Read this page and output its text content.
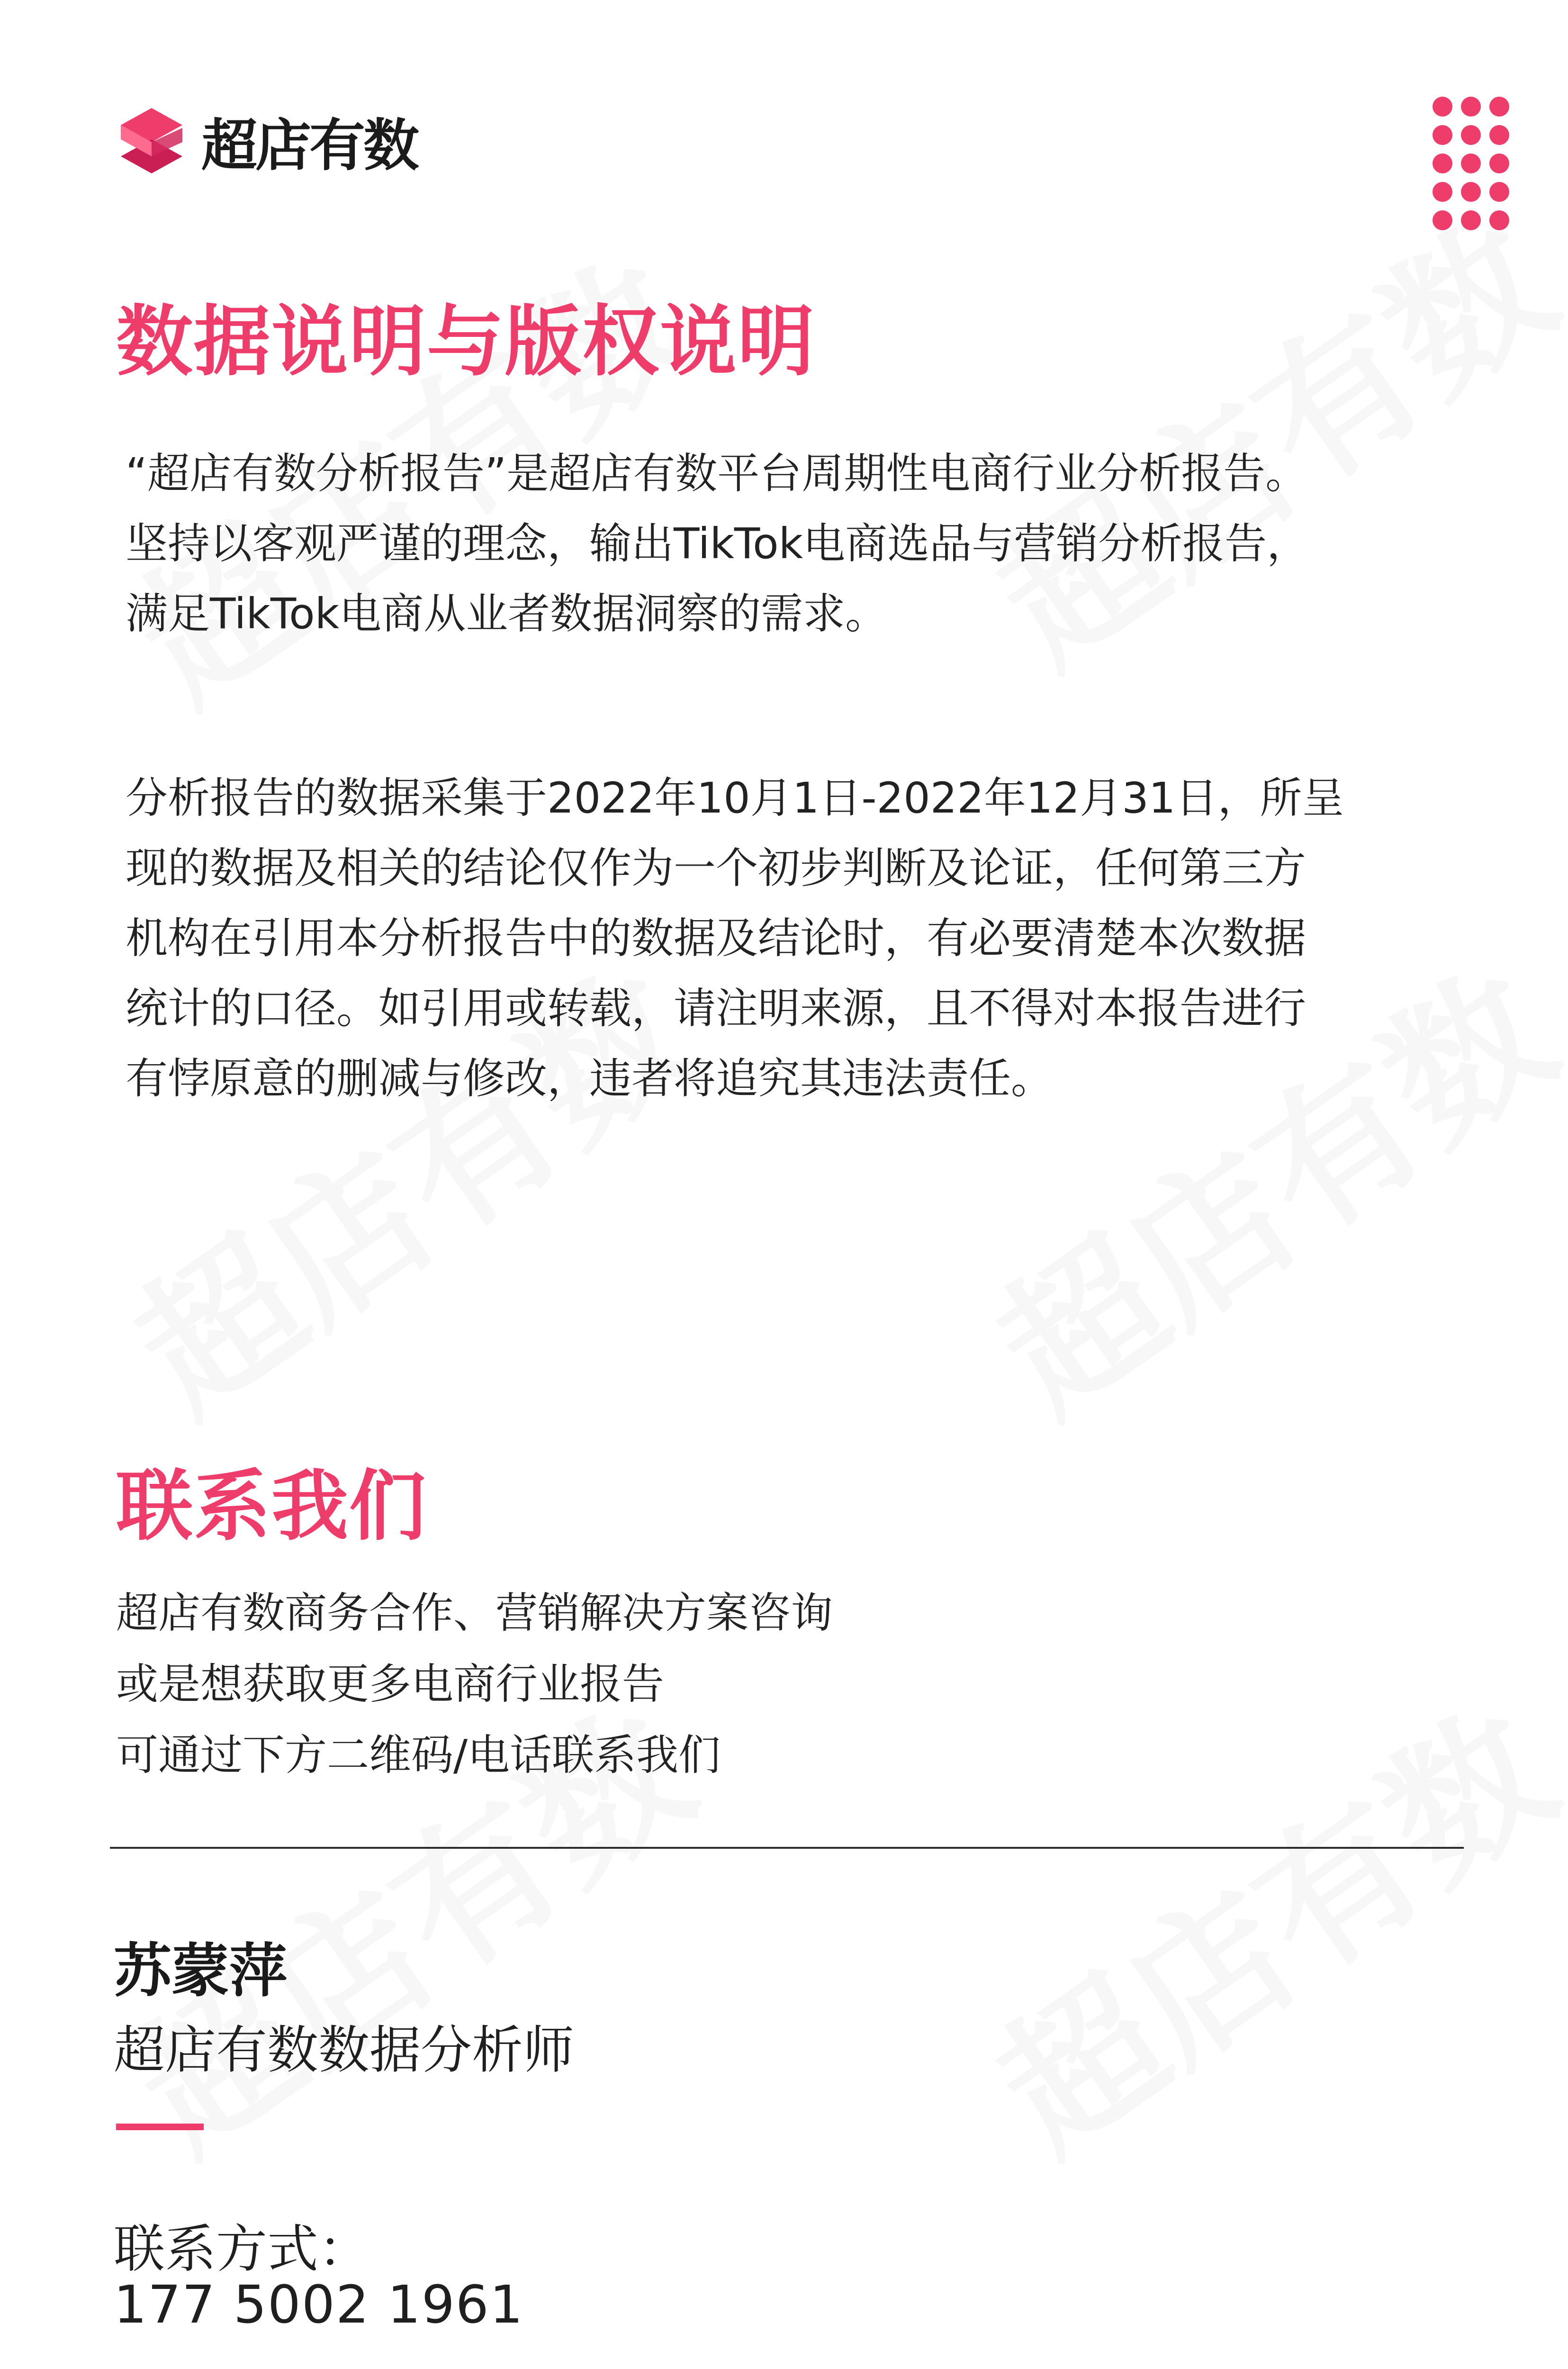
超店有数
数据说明与版权说明
“超店有数分析报告”是超店有数平台周期性电商行业分析报告。
坚持以客观严谨的理念，输出TikTok电商选品与营销分析报告，
满足TikTok电商从业者数据洞察的需求。
分析报告的数据采集于2022年10月1日-2022年12月31日，所呈
现的数据及相关的结论仅作为一个初步判断及论证，任何第三方
机构在引用本分析报告中的数据及结论时，有必要清楚本次数据
统计的口径。如引用或转载，请注明来源，且不得对本报告进行
有悖原意的删减与修改，违者将追究其违法责任。
联系我们
超店有数商务合作、营销解决方案咨询
或是想获取更多电商行业报告
可通过下方二维码/电话联系我们
苏蒙萍
超店有数数据分析师
联系方式：
177 5002 1961
